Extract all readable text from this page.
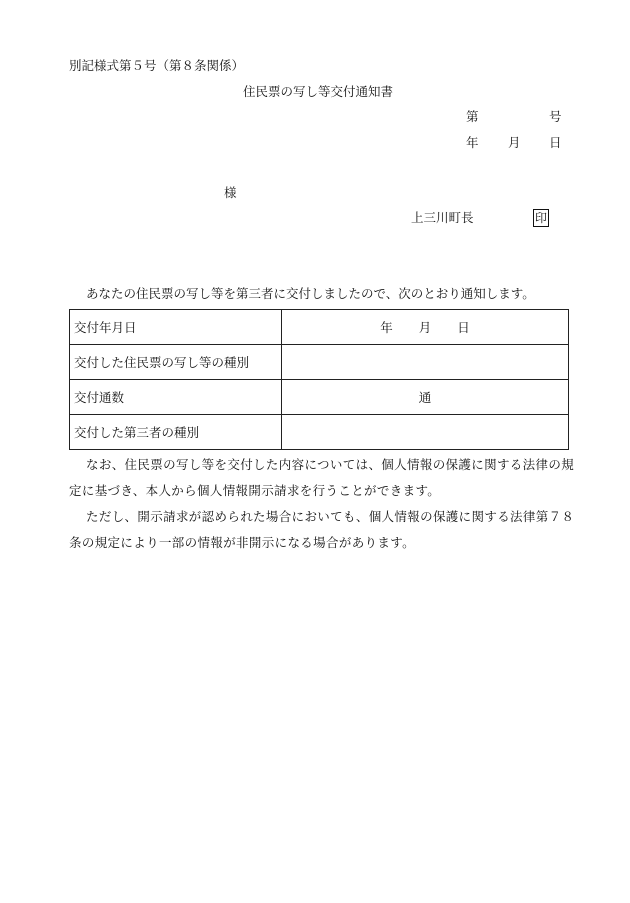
別記様式第５号（第８条関係）
住民票の写し等交付通知書
第	号
年 月 日
様
上三川町長	印
あなたの住民票の写し等を第三者に交付しましたので、次のとおり通知します。
交付年月日	年 月 日
交付した住民票の写し等の種別	
交付通数	通
交付した第三者の種別	
なお、住民票の写し等を交付した内容については、個人情報の保護に関する法律の規定に基づき、本人から個人情報開示請求を行うことができます。
ただし、開示請求が認められた場合においても、個人情報の保護に関する法律第７８条の規定により一部の情報が非開示になる場合があります。
